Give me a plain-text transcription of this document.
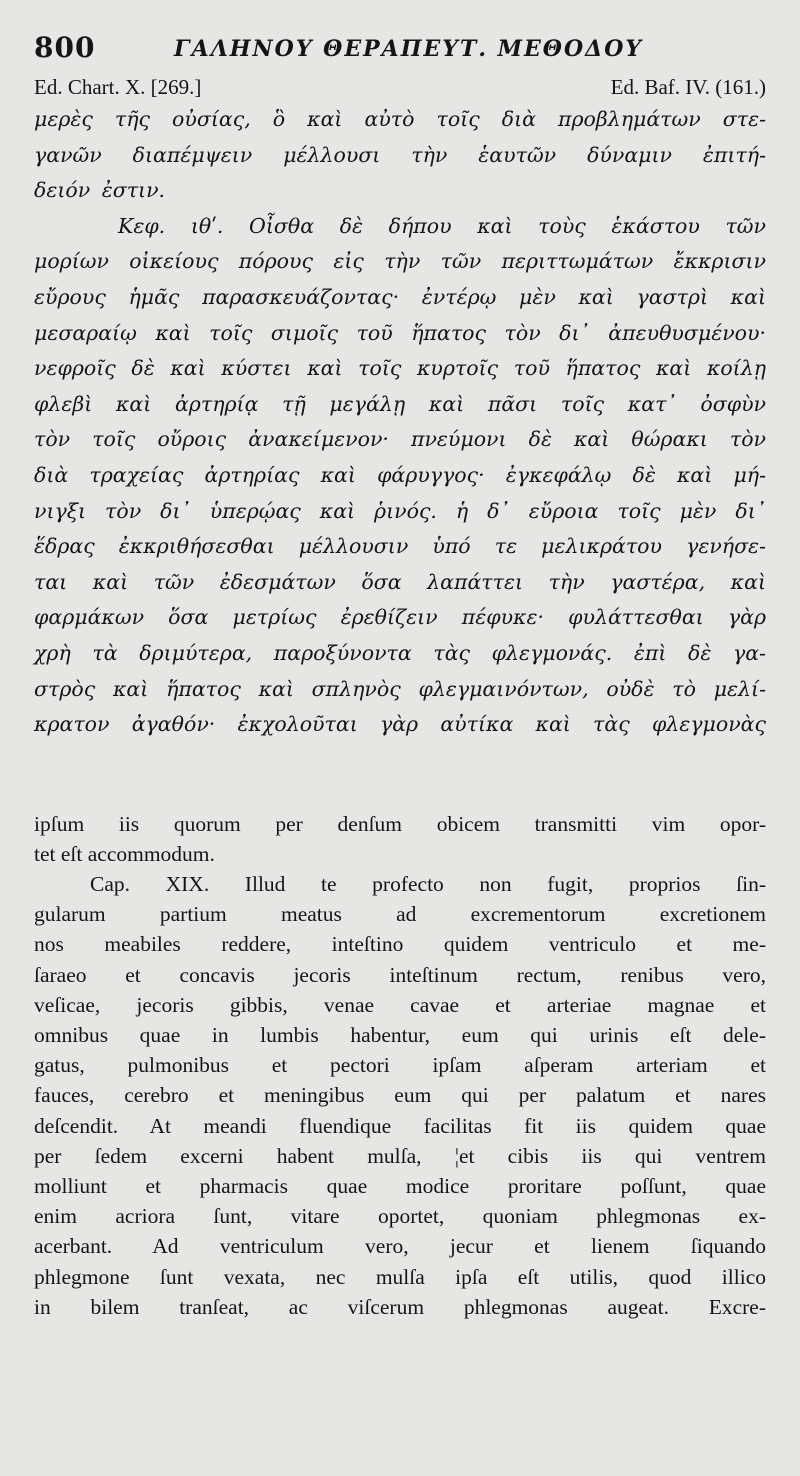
800	ΓΑΛΗΝΟΥ ΘΕΡΑΠΕΥΤ. ΜΕΘΟΔΟΥ
Ed. Chart. X. [269.]	Ed. Baf. IV. (161.)
μερὲς τῆς οὐσίας, ὃ καὶ αὐτὸ τοῖς διὰ προβλημάτων στε-
γανῶν διαπέμψειν μέλλουσι τὴν ἑαυτῶν δύναμιν ἐπιτή-
δειόν ἐστιν.
Κεφ. ιθʹ. Οἶσθα δὲ δήπου καὶ τοὺς ἑκάστου τῶν
μορίων οἰκείους πόρους εἰς τὴν τῶν περιττωμάτων ἔκκρισιν
εὔρους ἡμᾶς παρασκευάζοντας· ἐντέρῳ μὲν καὶ γαστρὶ καὶ
μεσαραίῳ καὶ τοῖς σιμοῖς τοῦ ἥπατος τὸν δι᾽ ἀπευθυσμένου·
νεφροῖς δὲ καὶ κύστει καὶ τοῖς κυρτοῖς τοῦ ἥπατος καὶ κοίλῃ
φλεβὶ καὶ ἀρτηρίᾳ τῇ μεγάλῃ καὶ πᾶσι τοῖς κατ᾽ ὀσφὺν
τὸν τοῖς οὔροις ἀνακείμενον· πνεύμονι δὲ καὶ θώρακι τὸν
διὰ τραχείας ἀρτηρίας καὶ φάρυγγος· ἐγκεφάλῳ δὲ καὶ μή-
νιγξι τὸν δι᾽ ὑπερῴας καὶ ῥινός. ἡ δ᾽ εὔροια τοῖς μὲν δι᾽
ἕδρας ἐκκριθήσεσθαι μέλλουσιν ὑπό τε μελικράτου γενήσε-
ται καὶ τῶν ἐδεσμάτων ὅσα λαπάττει τὴν γαστέρα, καὶ
φαρμάκων ὅσα μετρίως ἐρεθίζειν πέφυκε· φυλάττεσθαι γὰρ
χρὴ τὰ δριμύτερα, παροξύνοντα τὰς φλεγμονάς. ἐπὶ δὲ γα-
στρὸς καὶ ἥπατος καὶ σπληνὸς φλεγμαινόντων, οὐδὲ τὸ μελί-
κρατον ἀγαθόν· ἐκχολοῦται γὰρ αὐτίκα καὶ τὰς φλεγμονὰς
ipſum iis quorum per denſum obicem transmitti vim opor-
tet eſt accommodum.
Cap. XIX. Illud te profecto non fugit, proprios ſin-
gularum partium meatus ad excrementorum excretionem
nos meabiles reddere, inteſtino quidem ventriculo et me-
ſaraeo et concavis jecoris inteſtinum rectum, renibus vero,
veſicae, jecoris gibbis, venae cavae et arteriae magnae et
omnibus quae in lumbis habentur, eum qui urinis eſt dele-
gatus, pulmonibus et pectori ipſam aſperam arteriam et
fauces, cerebro et meningibus eum qui per palatum et nares
deſcendit. At meandi fluendique facilitas fit iis quidem quae
per ſedem excerni habent mulſa, ¦et cibis iis qui ventrem
molliunt et pharmacis quae modice proritare poſſunt, quae
enim acriora ſunt, vitare oportet, quoniam phlegmonas ex-
acerbant. Ad ventriculum vero, jecur et lienem ſiquando
phlegmone ſunt vexata, nec mulſa ipſa eſt utilis, quod illico
in bilem tranſeat, ac viſcerum phlegmonas augeat. Excre-
